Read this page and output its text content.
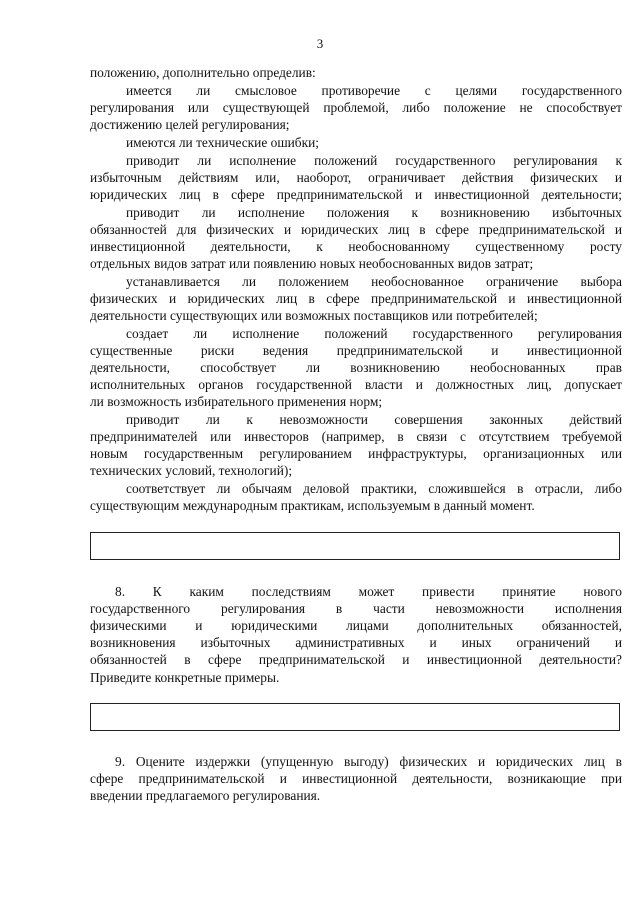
3
положению, дополнительно определив:
имеется ли смысловое противоречие с целями государственного
регулирования или существующей проблемой, либо положение не способствует
достижению целей регулирования;
имеются ли технические ошибки;
приводит ли исполнение положений государственного регулирования к
избыточным действиям или, наоборот, ограничивает действия физических и
юридических лиц в сфере предпринимательской и инвестиционной деятельности;
приводит ли исполнение положения к возникновению избыточных
обязанностей для физических и юридических лиц в сфере предпринимательской и
инвестиционной деятельности, к необоснованному существенному росту
отдельных видов затрат или появлению новых необоснованных видов затрат;
устанавливается ли положением необоснованное ограничение выбора
физических и юридических лиц в сфере предпринимательской и инвестиционной
деятельности существующих или возможных поставщиков или потребителей;
создает ли исполнение положений государственного регулирования
существенные риски ведения предпринимательской и инвестиционной
деятельности, способствует ли возникновению необоснованных прав
исполнительных органов государственной власти и должностных лиц, допускает
ли возможность избирательного применения норм;
приводит ли к невозможности совершения законных действий
предпринимателей или инвесторов (например, в связи с отсутствием требуемой
новым государственным регулированием инфраструктуры, организационных или
технических условий, технологий);
соответствует ли обычаям деловой практики, сложившейся в отрасли, либо
существующим международным практикам, используемым в данный момент.
8. К каким последствиям может привести принятие нового
государственного регулирования в части невозможности исполнения
физическими и юридическими лицами дополнительных обязанностей,
возникновения избыточных административных и иных ограничений и
обязанностей в сфере предпринимательской и инвестиционной деятельности?
Приведите конкретные примеры.
9. Оцените издержки (упущенную выгоду) физических и юридических лиц в
сфере предпринимательской и инвестиционной деятельности, возникающие при
введении предлагаемого регулирования.
